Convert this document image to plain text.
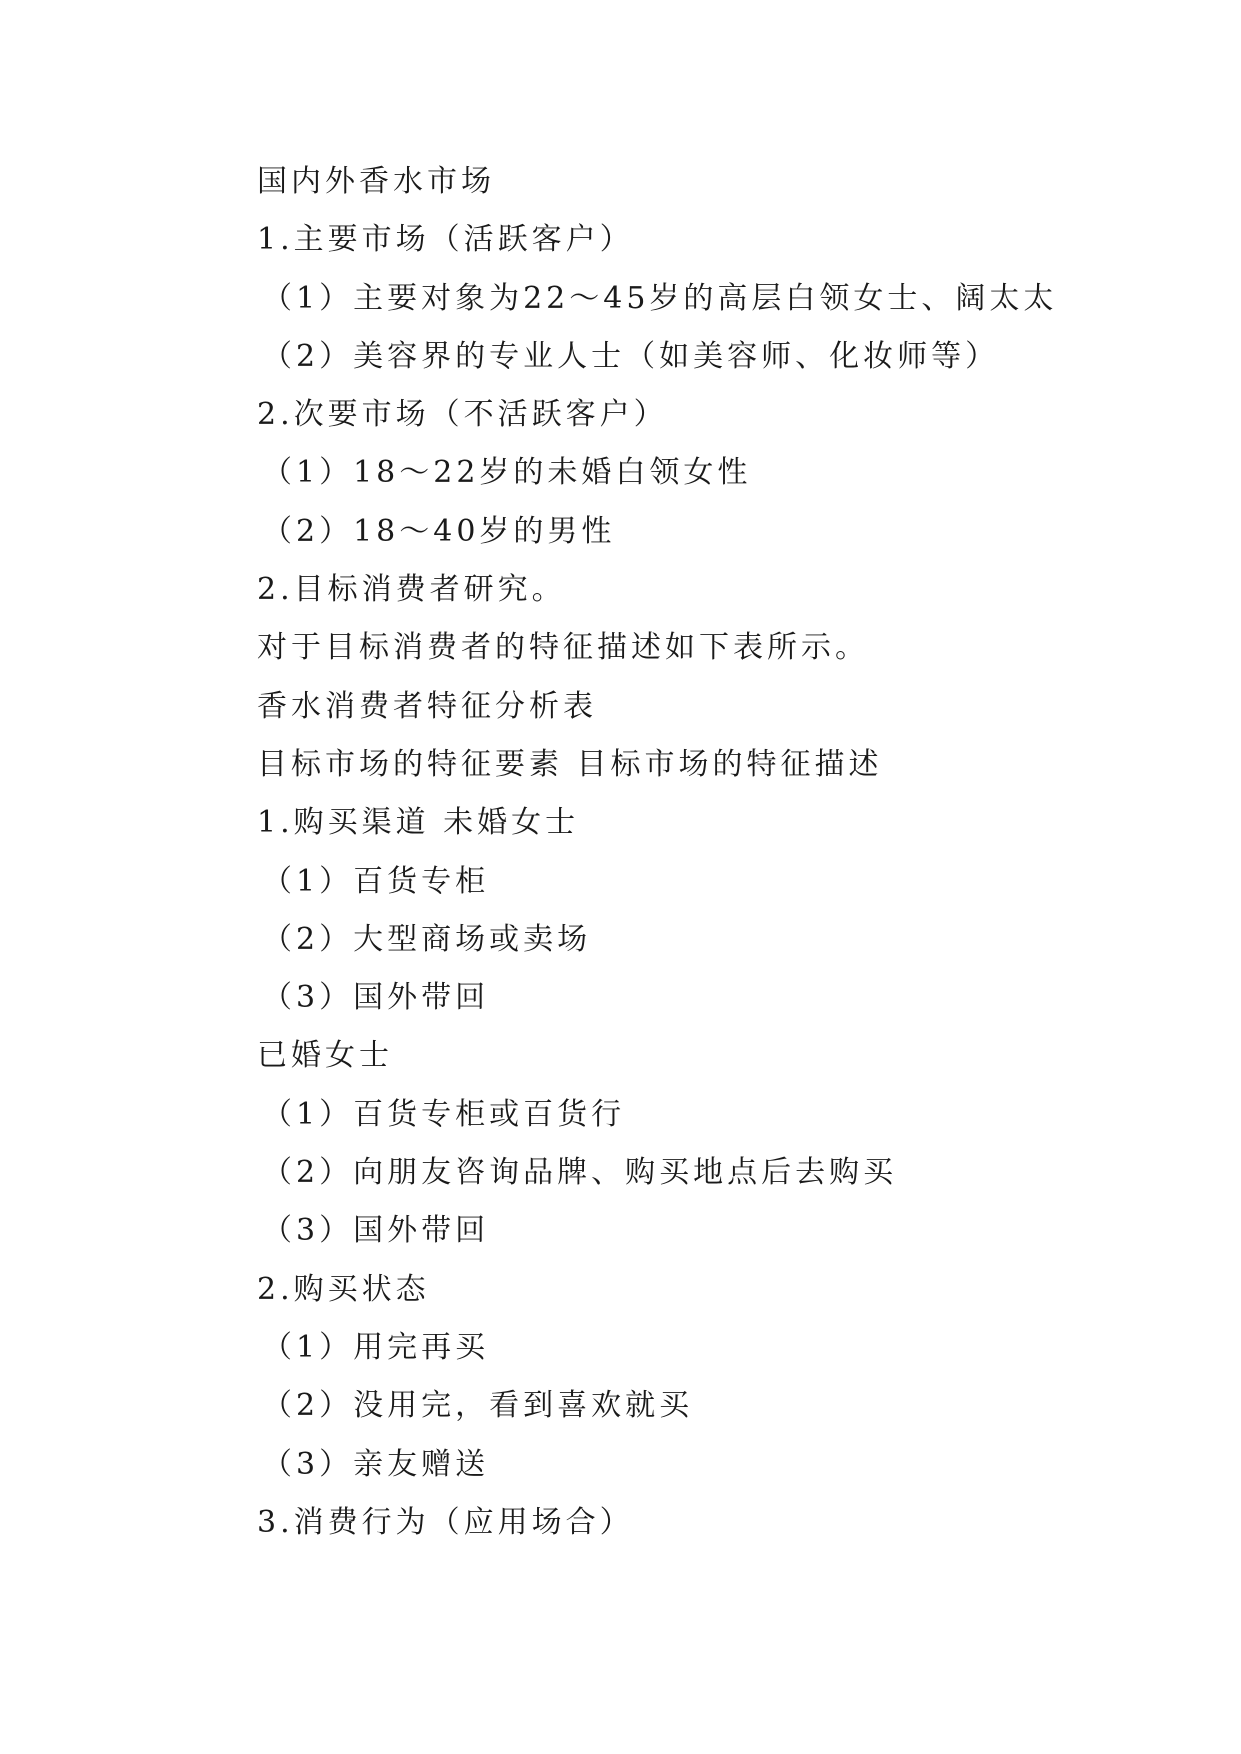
国内外香水市场
1.主要市场（活跃客户）
（1）主要对象为22～45岁的高层白领女士、阔太太
（2）美容界的专业人士（如美容师、化妆师等）
2.次要市场（不活跃客户）
（1）18～22岁的未婚白领女性
（2）18～40岁的男性
2.目标消费者研究。
对于目标消费者的特征描述如下表所示。
香水消费者特征分析表
目标市场的特征要素 目标市场的特征描述
1.购买渠道 未婚女士
（1）百货专柜
（2）大型商场或卖场
（3）国外带回
已婚女士
（1）百货专柜或百货行
（2）向朋友咨询品牌、购买地点后去购买
（3）国外带回
2.购买状态
（1）用完再买
（2）没用完，看到喜欢就买
（3）亲友赠送
3.消费行为（应用场合）
